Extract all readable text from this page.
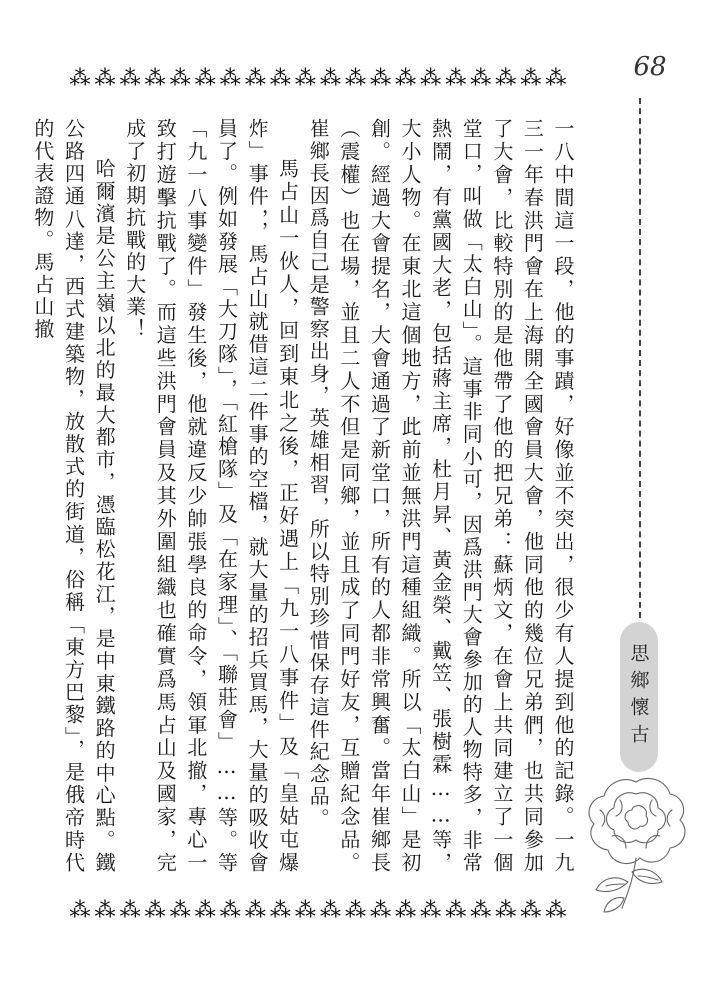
⁂ ⁂ ⁂ ⁂ ⁂ ⁂ ⁂ ⁂ ⁂ ⁂ ⁂ ⁂ ⁂ ⁂ ⁂ ⁂ ⁂ ⁂ ⁂ ⁂	68
思鄉懷古

一八中間這一段，他的事蹟，好像並不突出，很少有人提到他的記錄。一九三一年春洪門會在上海開全國會員大會，他同他的幾位兄弟們，也共同參加了大會，比較特別的是他帶了他的把兄弟：蘇炳文，在會上共同建立了一個堂口，叫做「太白山」。這事非同小可，因爲洪門大會參加的人物特多，非常熱鬧，有黨國大老，包括蔣主席，杜月昇、黃金榮、戴笠、張樹霖……等，大小人物。在東北這個地方，此前並無洪門這種組織。所以「太白山」是初創。經過大會提名，大會通過了新堂口，所有的人都非常興奮。當年崔鄉長（震權）也在場，並且二人不但是同鄉，並且成了同門好友，互贈紀念品。崔鄉長因爲自己是警察出身，英雄相習，所以特別珍惜保存這件紀念品。

馬占山一伙人，回到東北之後，正好遇上「九一八事件」及「皇姑屯爆炸」事件，，馬占山就借這二件事的空檔，就大量的招兵買馬，大量的吸收會員了。例如發展「大刀隊」，「紅槍隊」及「在家理」、「聯莊會」……等。等「九一八事變件」發生後，他就違反少帥張學良的命令，領軍北撤，專心一致打遊擊抗戰了。而這些洪門會員及其外圍組織也確實爲馬占山及國家，完成了初期抗戰的大業！

哈爾濱是公主嶺以北的最大都市，憑臨松花江，是中東鐵路的中心點。鐵公路四通八達，西式建築物，放散式的街道，俗稱「東方巴黎」，是俄帝時代的代表證物。馬占山撤

⁂ ⁂ ⁂ ⁂ ⁂ ⁂ ⁂ ⁂ ⁂ ⁂ ⁂ ⁂ ⁂ ⁂ ⁂ ⁂ ⁂ ⁂ ⁂ ⁂
